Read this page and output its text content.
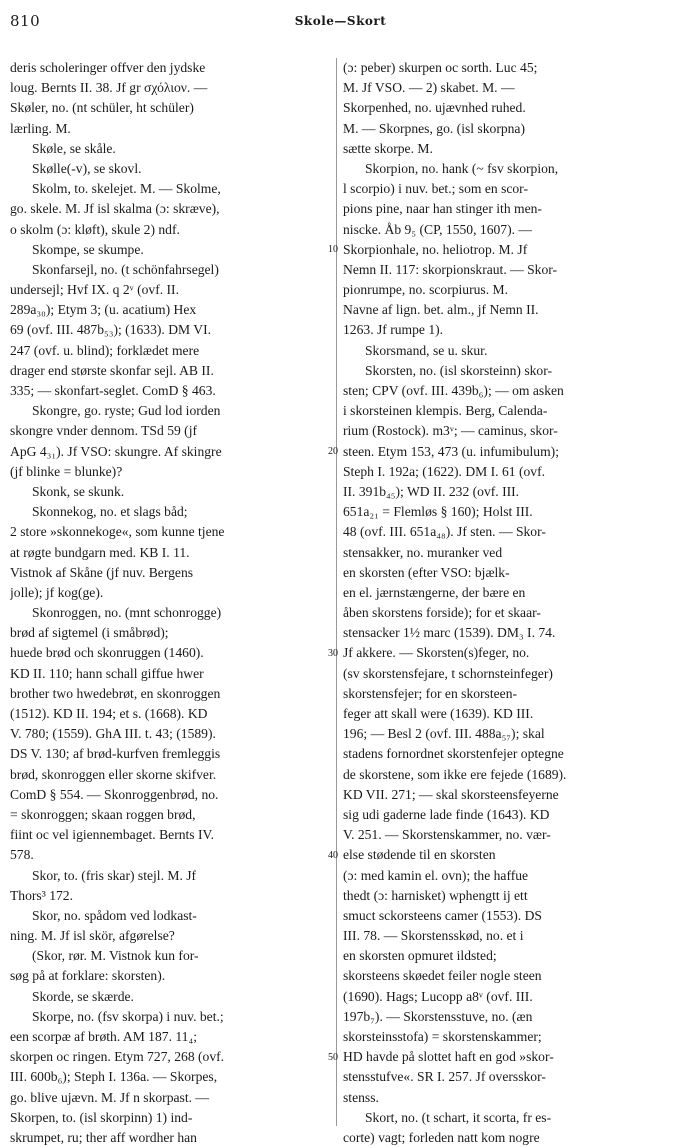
810	Skole—Skort
deris scholeringer offver den jydske
loug. Bernts II. 38. Jf gr σχόλιον. —
Skøler, no. (nt schüler, ht schüler)
lærling. M.
Skøle, se skåle.
Skølle(-v), se skovl.
Skolm, to. skelejet. M. — Skolme,
go. skele. M. Jf isl skalma (ɔ: skræve),
o skolm (ɔ: kløft), skule 2) ndf.
Skompe, se skumpe.
Skonfarsejl, no. (t schönfahrsegel)
undersejl; Hvf IX. q 2ᵛ (ovf. II.
289a₃₀); Etym 3; (u. acatium) Hex
69 (ovf. III. 487b₅₃); (1633). DM VI.
247 (ovf. u. blind); forklædet mere
drager end største skonfar sejl. AB II.
335; — skonfart-seglet. ComD § 463.
Skongre, go. ryste; Gud lod iorden
skongre vnder dennom. TSd 59 (jf
ApG 4₃₁). Jf VSO: skungre. Af skingre
(jf blinke = blunke)?
Skonk, se skunk.
Skonnekog, no. et slags båd;
2 store »skonnekoge«, som kunne tjene
at røgte bundgarn med. KB I. 11.
Vistnok af Skåne (jf nuv. Bergens
jolle); jf kog(ge).
Skonroggen, no. (mnt schonrogge)
brød af sigtemel (i småbrød);
huede brød och skonruggen (1460).
KD II. 110; hann schall giffue hwer
brother two hwedebrøt, en skonroggen
(1512). KD II. 194; et s. (1668). KD
V. 780; (1559). GhA III. t. 43; (1589).
DS V. 130; af brød-kurfven fremleggis
brød, skonroggen eller skorne skifver.
ComD § 554. — Skonroggenbrød, no.
= skonroggen; skaan roggen brød,
fiint oc vel igiennembaget. Bernts IV.
578.
Skor, to. (fris skar) stejl. M. Jf
Thors³ 172.
Skor, no. spådom ved lodkast-
ning. M. Jf isl skör, afgørelse?
(Skor, rør. M. Vistnok kun for-
søg på at forklare: skorsten).
Skorde, se skærde.
Skorpe, no. (fsv skorpa) i nuv. bet.;
een scorpæ af brøth. AM 187. 11₄;
skorpen oc ringen. Etym 727, 268 (ovf.
III. 600b₆); Steph I. 136a. — Skorpes,
go. blive ujævn. M. Jf n skorpast. —
Skorpen, to. (isl skorpinn) 1) ind-
skrumpet, ru; ther aff wordher han
10
20
30
40
50
(ɔ: peber) skurpen oc sorth. Luc 45;
M. Jf VSO. — 2) skabet. M. —
Skorpenhed, no. ujævnhed ruhed.
M. — Skorpnes, go. (isl skorpna)
sætte skorpe. M.
Skorpion, no. hank (~ fsv skorpion,
l scorpio) i nuv. bet.; som en scor-
pions pine, naar han stinger ith men-
niscke. Åb 9₅ (CP, 1550, 1607). —
Skorpionhale, no. heliotrop. M. Jf
Nemn II. 117: skorpionskraut. — Skor-
pionrumpe, no. scorpiurus. M.
Navne af lign. bet. alm., jf Nemn II.
1263. Jf rumpe 1).
Skorsmand, se u. skur.
Skorsten, no. (isl skorsteinn) skor-
sten; CPV (ovf. III. 439b₆); — om asken
i skorsteinen klempis. Berg, Calenda-
rium (Rostock). m3ᵛ; — caminus, skor-
steen. Etym 153, 473 (u. infumibulum);
Steph I. 192a; (1622). DM I. 61 (ovf.
II. 391b₄₅); WD II. 232 (ovf. III.
651a₂₁ = Flemløs § 160); Holst III.
48 (ovf. III. 651a₄₈). Jf sten. — Skor-
stensakker, no. muranker ved
en skorsten (efter VSO: bjælk-
en el. jærnstængerne, der bære en
åben skorstens forside); for et skaar-
stensacker 1½ marc (1539). DM₃ I. 74.
Jf akkere. — Skorsten(s)feger, no.
(sv skorstensfejare, t schornsteinfeger)
skorstensfejer; for en skorsteen-
feger att skall were (1639). KD III.
196; — Besl 2 (ovf. III. 488a₅₇); skal
stadens fornordnet skorstenfejer optegne
de skorstene, som ikke ere fejede (1689).
KD VII. 271; — skal skorsteensfeyerne
sig udi gaderne lade finde (1643). KD
V. 251. — Skorstenskammer, no. vær-
else stødende til en skorsten
(ɔ: med kamin el. ovn); the haffue
thedt (ɔ: harnisket) wphengtt ij ett
smuct sckorsteens camer (1553). DS
III. 78. — Skorstensskød, no. et i
en skorsten opmuret ildsted;
skorsteens skøedet feiler nogle steen
(1690). Hags; Lucopp a8ᵛ (ovf. III.
197b₇). — Skorstensstuve, no. (æn
skorsteinsstofa) = skorstenskammer;
HD havde på slottet haft en god »skor-
stensstufve«. SR I. 257. Jf oversskor-
stenss.
Skort, no. (t schart, it scorta, fr es-
corte) vagt; forleden natt kom nogre
